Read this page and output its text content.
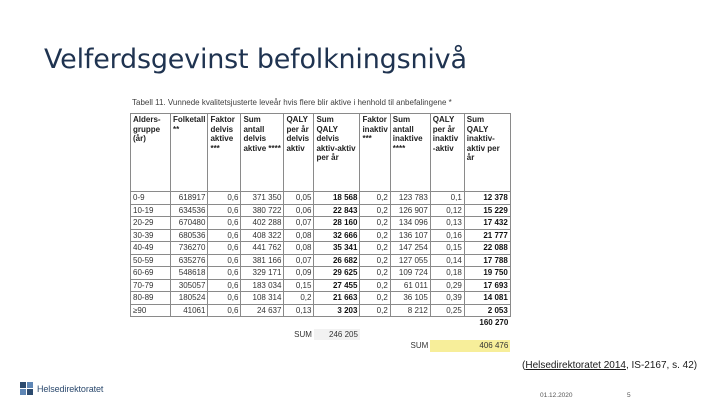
Velferdsgevinst befolkningsnivå
Tabell 11. Vunnede kvalitetsjusterte leveår hvis flere blir aktive i henhold til anbefalingene *
Alders-gruppe (år)	Folketall **	Faktor delvis aktive ***	Sum antall delvis aktive ****	QALY per år delvis aktiv	Sum QALY delvis aktiv-aktiv per år	Faktor inaktiv ***	Sum antall inaktive ****	QALY per år inaktiv -aktiv	Sum QALY inaktiv-aktiv per år
0-9	618917	0,6	371 350	0,05	18 568	0,2	123 783	0,1	12 378
10-19	634536	0,6	380 722	0,06	22 843	0,2	126 907	0,12	15 229
20-29	670480	0,6	402 288	0,07	28 160	0,2	134 096	0,13	17 432
30-39	680536	0,6	408 322	0,08	32 666	0,2	136 107	0,16	21 777
40-49	736270	0,6	441 762	0,08	35 341	0,2	147 254	0,15	22 088
50-59	635276	0,6	381 166	0,07	26 682	0,2	127 055	0,14	17 788
60-69	548618	0,6	329 171	0,09	29 625	0,2	109 724	0,18	19 750
70-79	305057	0,6	183 034	0,15	27 455	0,2	61 011	0,29	17 693
80-89	180524	0,6	108 314	0,2	21 663	0,2	36 105	0,39	14 081
≥90	41061	0,6	24 637	0,13	3 203	0,2	8 212	0,25	2 053
									160 270
				SUM	246 205				
							SUM	406 476	
(Helsedirektoratet 2014, IS-2167, s. 42)
Helsedirektoratet
01.12.2020	5
